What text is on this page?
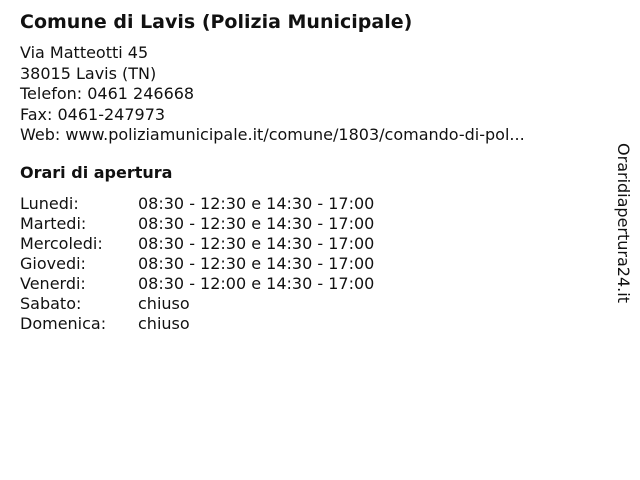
Comune di Lavis (Polizia Municipale)
Via Matteotti 45
38015 Lavis (TN)
Telefon: 0461 246668
Fax: 0461-247973
Web: www.poliziamunicipale.it/comune/1803/comando-di-pol...
Orari di apertura
Lunedi:	08:30 - 12:30 e 14:30 - 17:00
Martedi:	08:30 - 12:30 e 14:30 - 17:00
Mercoledi: 08:30 - 12:30 e 14:30 - 17:00
Giovedi:	08:30 - 12:30 e 14:30 - 17:00
Venerdi:	08:30 - 12:00 e 14:30 - 17:00
Sabato:	chiuso
Domenica: chiuso
Oraridiapertura24.it
